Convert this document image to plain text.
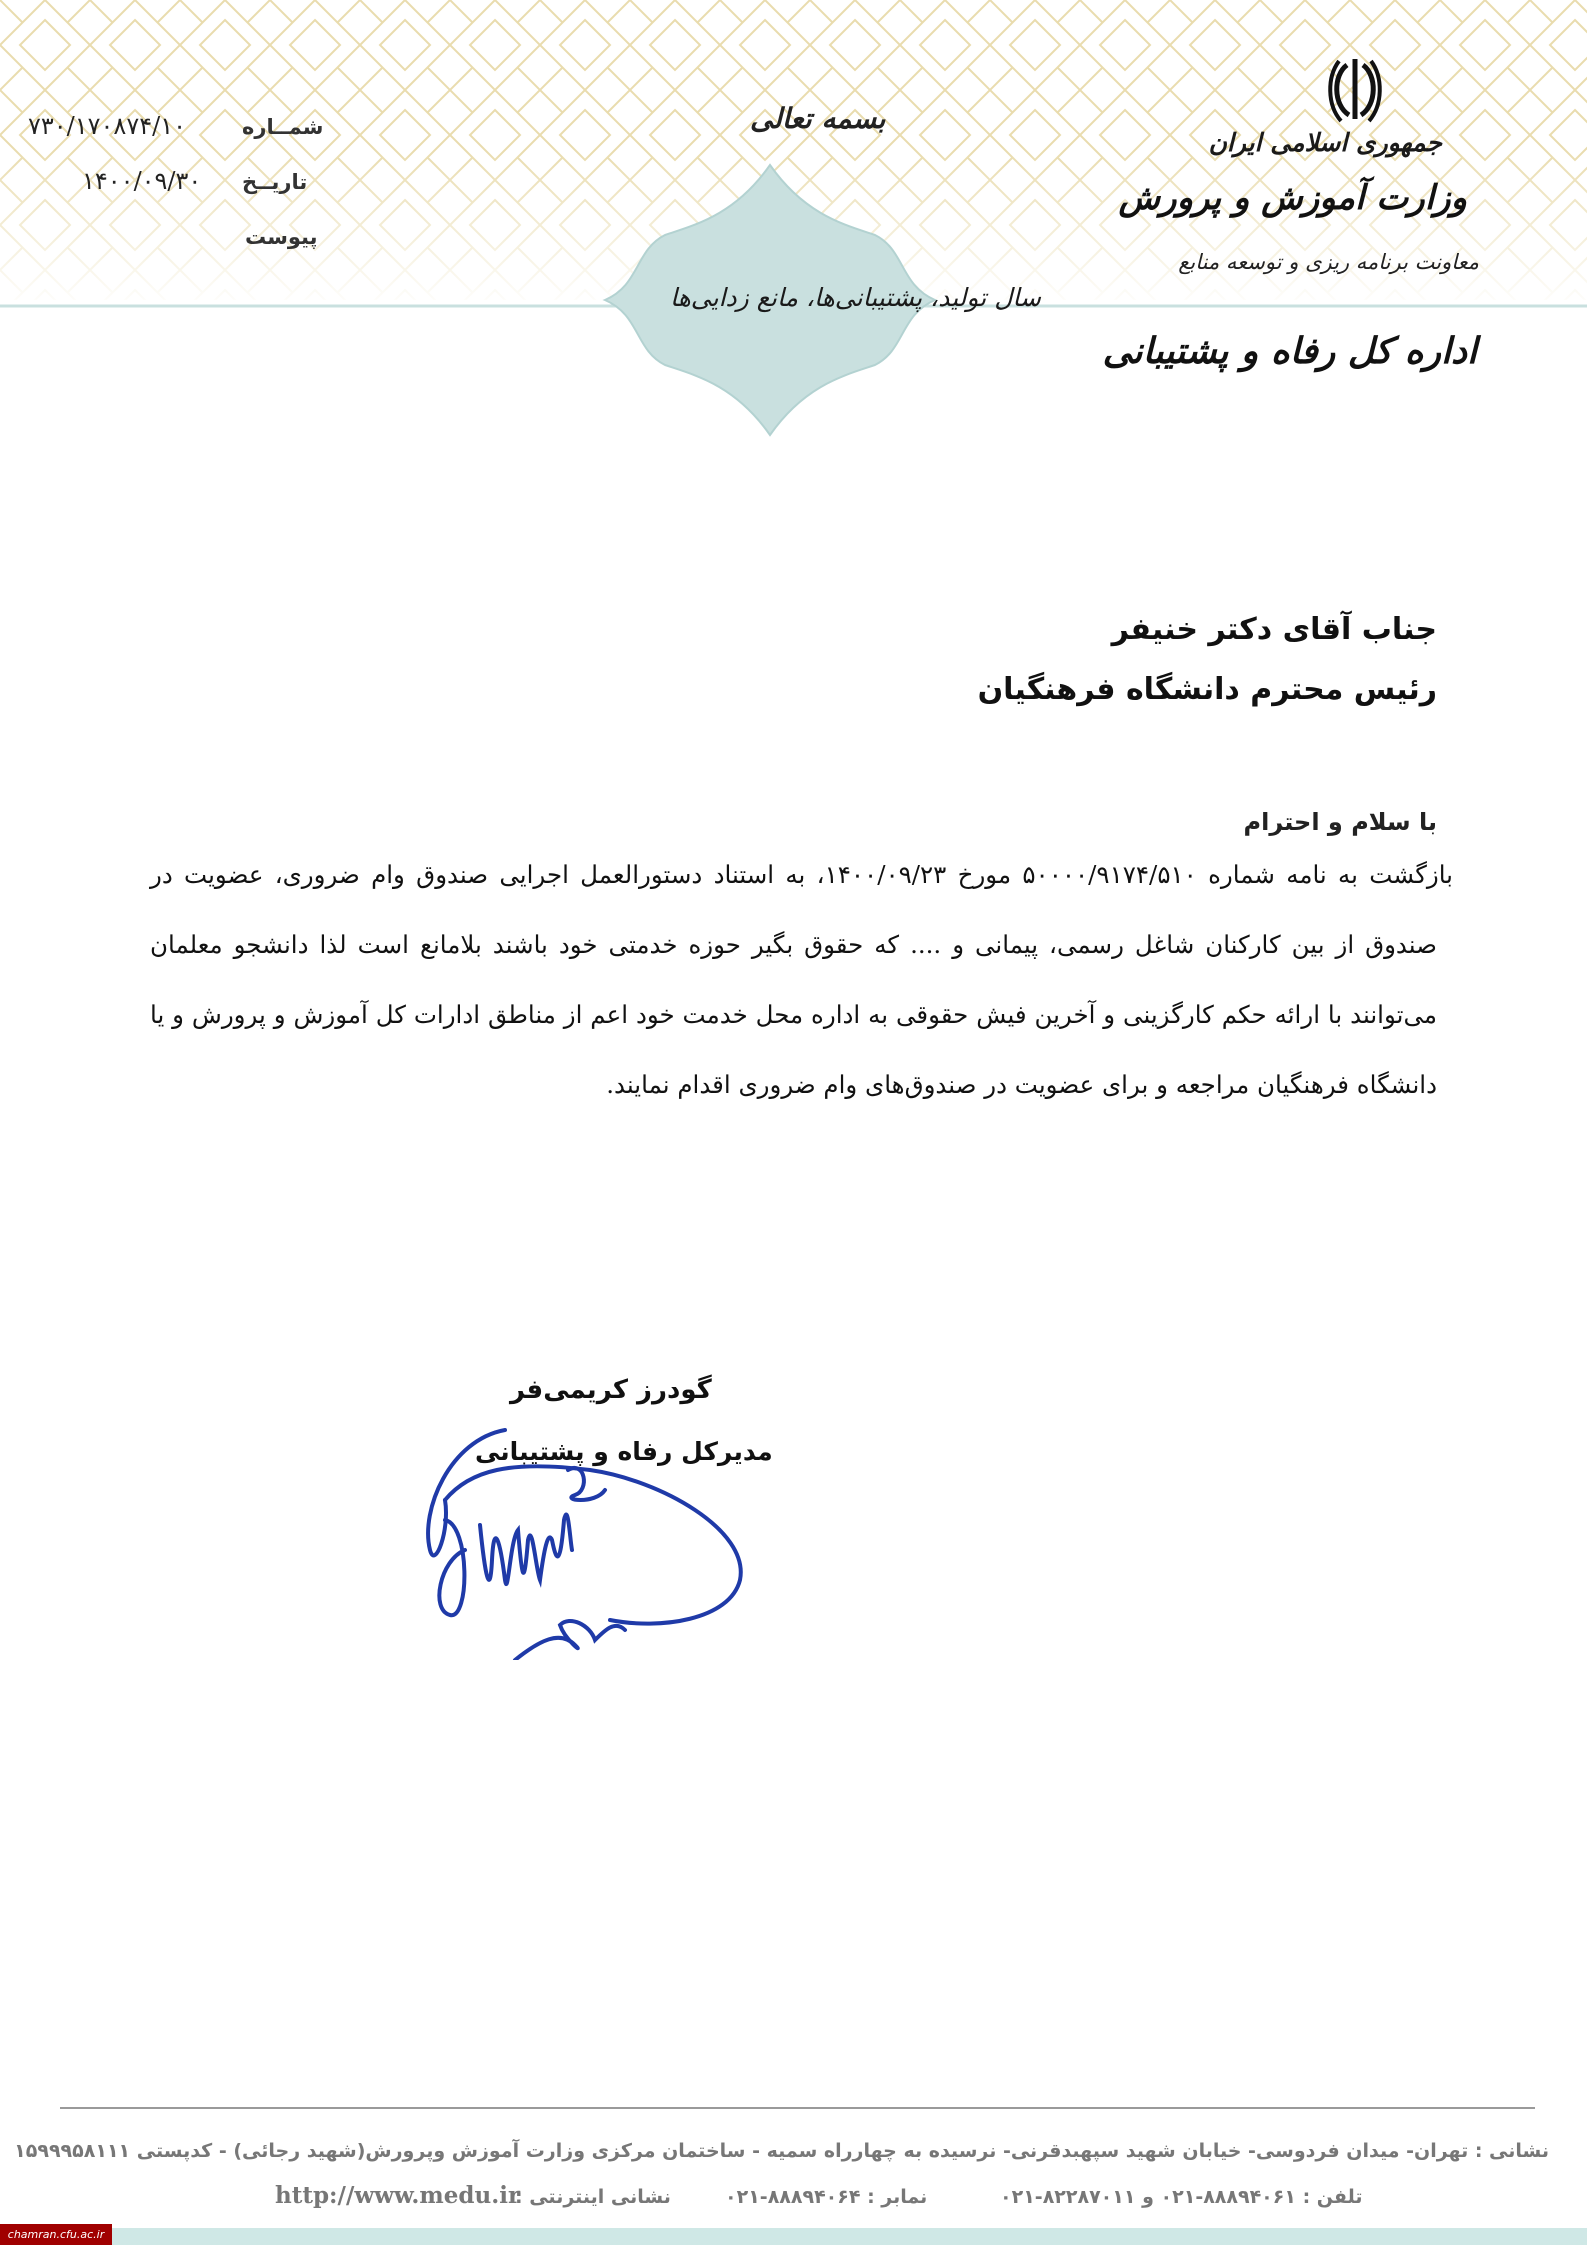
جمهوری اسلامی ایران
وزارت آموزش و پرورش
معاونت برنامه ریزی و توسعه منابع
اداره کل رفاه و پشتیبانی
بسمه تعالی
سال تولید، پشتیبانی‌ها، مانع زدایی‌ها
شمــاره
۷۳۰/۱۷۰۸۷۴/۱۰
تاریــخ
۱۴۰۰/۰۹/۳۰
پیوست
جناب آقای دکتر خنیفر
رئیس محترم دانشگاه فرهنگیان
با سلام و احترام
بازگشت به نامه شماره ۵۰۰۰۰/۹۱۷۴/۵۱۰ مورخ ۱۴۰۰/۰۹/۲۳، به استناد دستورالعمل اجرایی صندوق وام ضروری، عضویت در صندوق از بین کارکنان شاغل رسمی، پیمانی و .... که حقوق بگیر حوزه خدمتی خود باشند بلامانع است لذا دانشجو معلمان می‌توانند با ارائه حکم کارگزینی و آخرین فیش حقوقی به اداره محل خدمت خود اعم از مناطق ادارات کل آموزش و پرورش و یا دانشگاه فرهنگیان مراجعه و برای عضویت در صندوق‌های وام ضروری اقدام نمایند.
گودرز کریمی‌فر
مدیرکل رفاه و پشتیبانی
نشانی : تهران- میدان فردوسی- خیابان شهید سپهبدقرنی- نرسیده به چهارراه سمیه - ساختمان مرکزی وزارت آموزش وپرورش(شهید رجائی) - کدپستی ۱۵۹۹۹۵۸۱۱۱
تلفن : ۸۸۸۹۴۰۶۱-۰۲۱ و ۸۲۲۸۷۰۱۱-۰۲۱
نمابر : ۸۸۸۹۴۰۶۴-۰۲۱
نشانی اینترنتی :
http://www.medu.ir
chamran.cfu.ac.ir
